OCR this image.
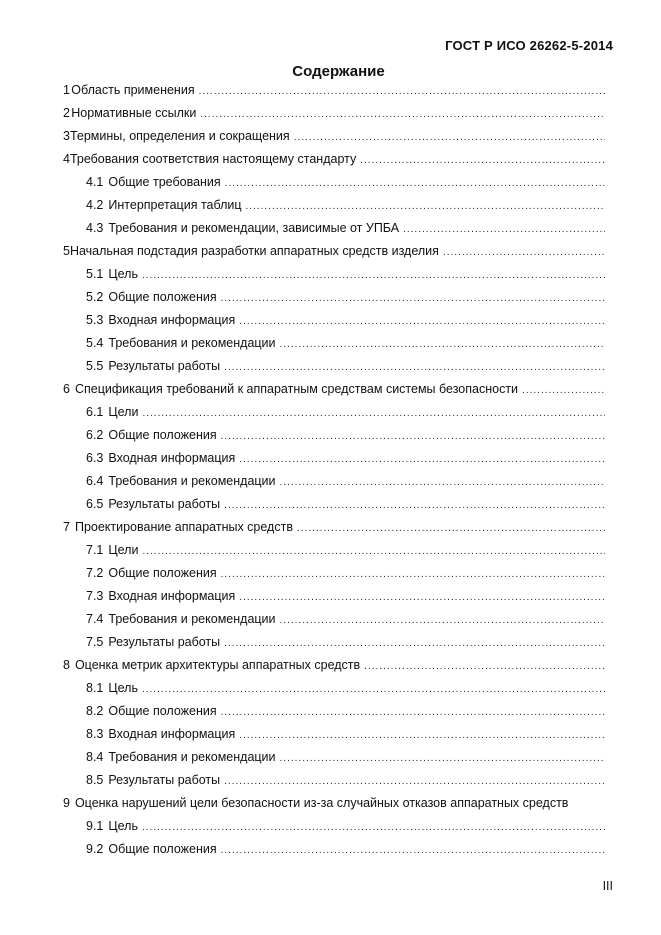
ГОСТ Р ИСО 26262-5-2014
Содержание
1 Область применения
.....
2 Нормативные ссылки
.....
3 Термины, определения и сокращения
.....
4 Требования соответствия настоящему стандарту
.....
4.1 Общие требования
.....
4.2 Интерпретация таблиц
.....
4.3 Требования и рекомендации, зависимые от УПБА
.....
5 Начальная подстадия разработки аппаратных средств изделия
.....
5.1 Цель
.....
5.2 Общие положения
.....
5.3 Входная информация
.....
5.4 Требования и рекомендации
.....
5.5 Результаты работы
.....
6 Спецификация требований к аппаратным средствам системы безопасности
.....
6.1 Цели
.....
6.2 Общие положения
.....
6.3 Входная информация
.....
6.4 Требования и рекомендации
.....
6.5 Результаты работы
.....
7 Проектирование аппаратных средств
.....
7.1 Цели
.....
7.2 Общие положения
.....
7.3 Входная информация
.....
7.4 Требования и рекомендации
.....
7.5 Результаты работы
.....
8 Оценка метрик архитектуры аппаратных средств
.....
8.1 Цель
.....
8.2 Общие положения
.....
8.3 Входная информация
.....
8.4 Требования и рекомендации
.....
8.5 Результаты работы
.....
9 Оценка нарушений цели безопасности из-за случайных отказов аппаратных средств
9.1 Цель
.....
9.2 Общие положения
.....
III
